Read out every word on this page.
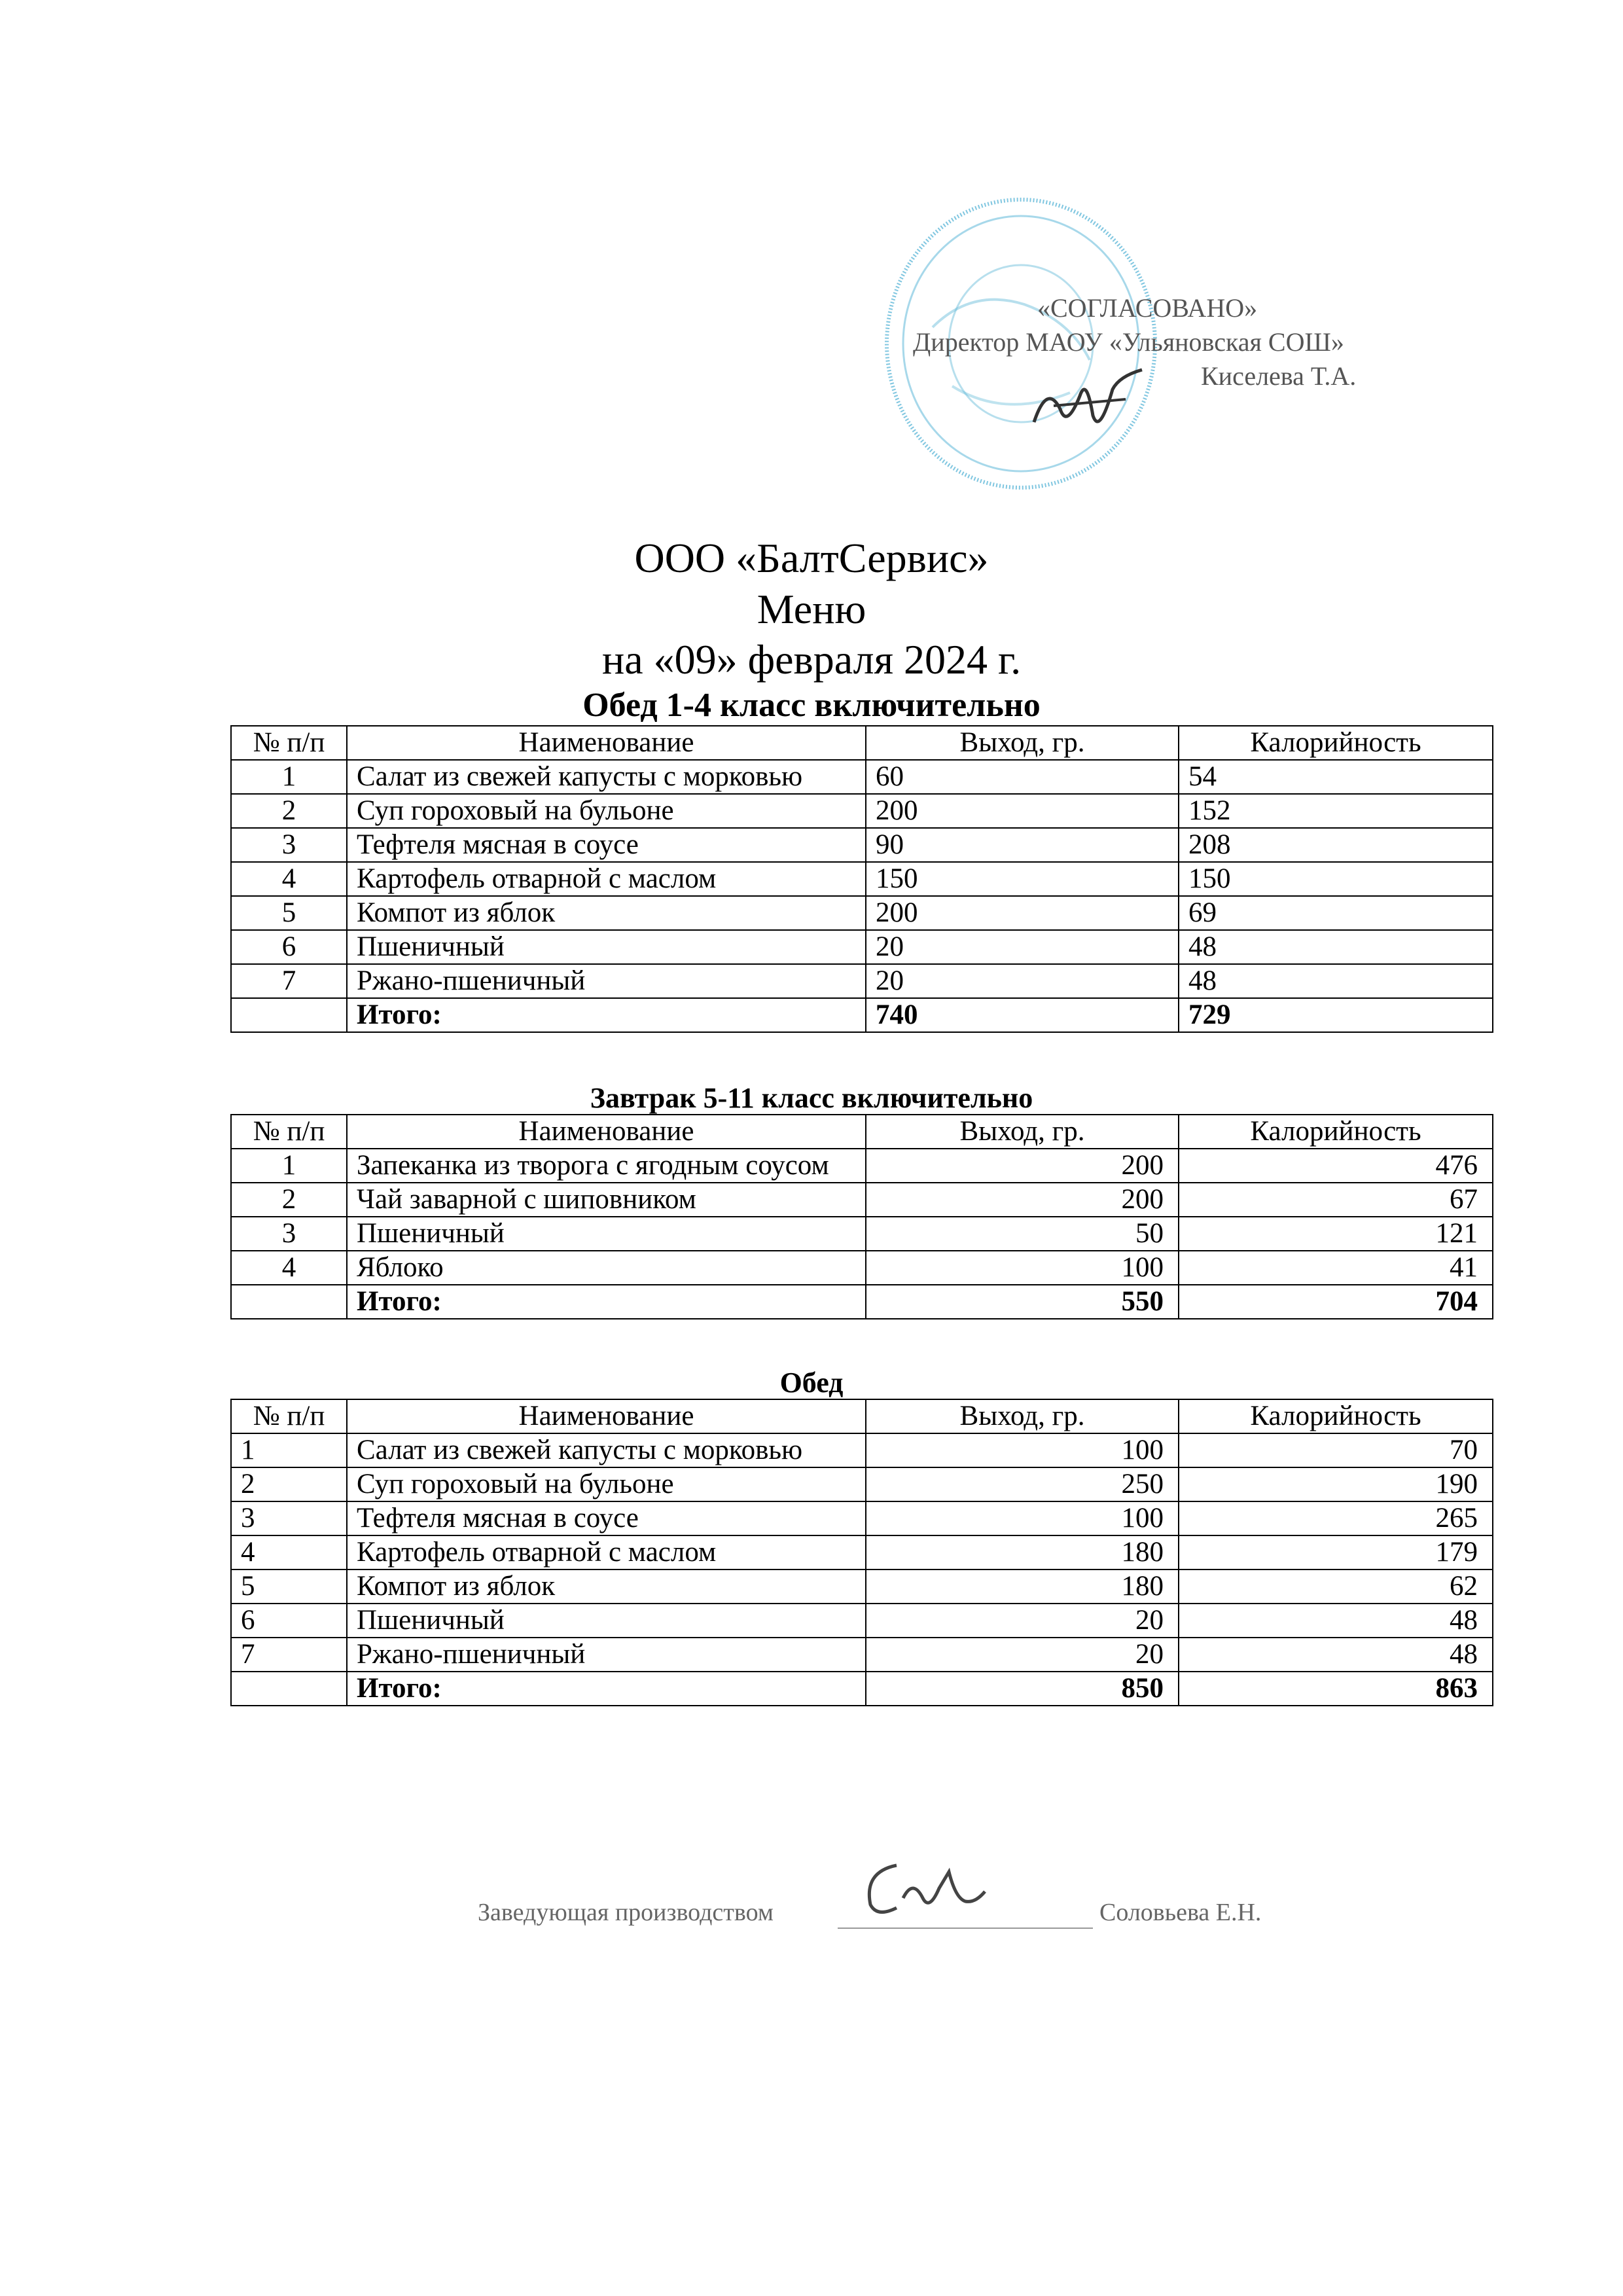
«СОГЛАСОВАНО»
Директор МАОУ «Ульяновская СОШ»
Киселева Т.А.
ООО «БалтСервис»
Меню
на «09» февраля 2024 г.
Обед 1-4 класс включительно
№ п/п	Наименование	Выход, гр.	Калорийность
1	Салат из свежей капусты с морковью	60	54
2	Суп гороховый на бульоне	200	152
3	Тефтеля мясная в соусе	90	208
4	Картофель отварной с маслом	150	150
5	Компот из яблок	200	69
6	Пшеничный	20	48
7	Ржано-пшеничный	20	48
	Итого:	740	729
Завтрак 5-11 класс включительно
№ п/п	Наименование	Выход, гр.	Калорийность
1	Запеканка из творога с ягодным соусом	200	476
2	Чай заварной с шиповником	200	67
3	Пшеничный	50	121
4	Яблоко	100	41
	Итого:	550	704
Обед
№ п/п	Наименование	Выход, гр.	Калорийность
1	Салат из свежей капусты с морковью	100	70
2	Суп гороховый на бульоне	250	190
3	Тефтеля мясная в соусе	100	265
4	Картофель отварной с маслом	180	179
5	Компот из яблок	180	62
6	Пшеничный	20	48
7	Ржано-пшеничный	20	48
	Итого:	850	863
Заведующая производством	Соловьева Е.Н.
